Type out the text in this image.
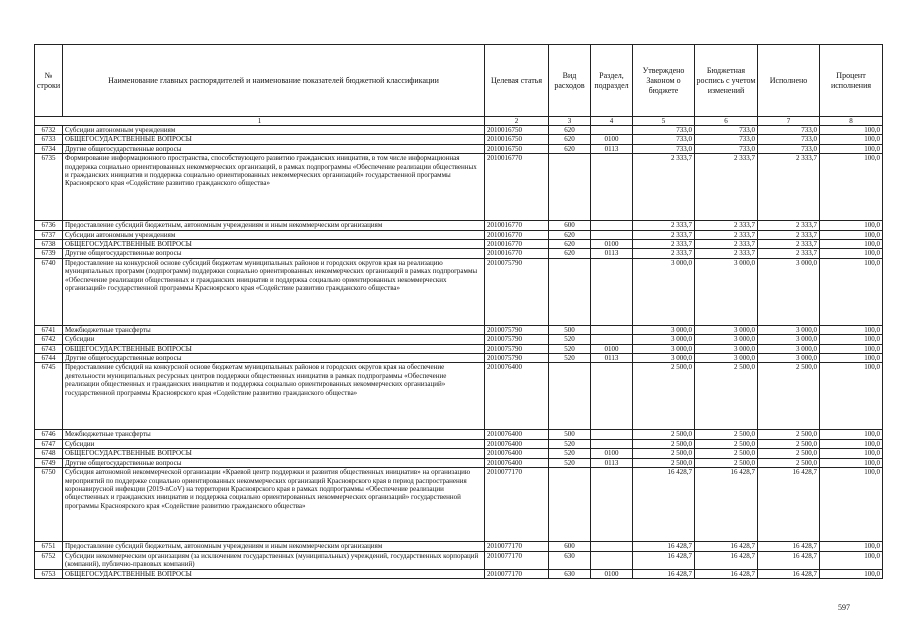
№ строки	Наименование главных распорядителей и наименование показателей бюджетной классификации	Целевая статья	Вид расходов	Раздел, подраздел	Утверждено Законом о бюджете	Бюджетная роспись с учетом изменений	Исполнено	Процент исполнения
1		2	3	4	5	6	7	8
6732	Субсидии автономным учреждениям	2010016750	620		733,0	733,0	733,0	100,0
6733	ОБЩЕГОСУДАРСТВЕННЫЕ ВОПРОСЫ	2010016750	620	0100	733,0	733,0	733,0	100,0
6734	Другие общегосударственные вопросы	2010016750	620	0113	733,0	733,0	733,0	100,0
6735	Формирование информационного пространства, способствующего развитию гражданских инициатив, в том числе информационная поддержка социально ориентированных некоммерческих организаций, в рамках подпрограммы «Обеспечение реализации общественных и гражданских инициатив и поддержка социально ориентированных некоммерческих организаций» государственной программы Красноярского края «Содействие развитию гражданского общества»	2010016770			2 333,7	2 333,7	2 333,7	100,0
6736	Предоставление субсидий бюджетным, автономным учреждениям и иным некоммерческим организациям	2010016770	600		2 333,7	2 333,7	2 333,7	100,0
6737	Субсидии автономным учреждениям	2010016770	620		2 333,7	2 333,7	2 333,7	100,0
6738	ОБЩЕГОСУДАРСТВЕННЫЕ ВОПРОСЫ	2010016770	620	0100	2 333,7	2 333,7	2 333,7	100,0
6739	Другие общегосударственные вопросы	2010016770	620	0113	2 333,7	2 333,7	2 333,7	100,0
6740	Предоставление на конкурсной основе субсидий бюджетам муниципальных районов и городских округов края на реализацию муниципальных программ (подпрограмм) поддержки социально ориентированных некоммерческих организаций в рамках подпрограммы «Обеспечение реализации общественных и гражданских инициатив и поддержка социально ориентированных некоммерческих организаций» государственной программы Красноярского края «Содействие развитию гражданского общества»	2010075790			3 000,0	3 000,0	3 000,0	100,0
6741	Межбюджетные трансферты	2010075790	500		3 000,0	3 000,0	3 000,0	100,0
6742	Субсидии	2010075790	520		3 000,0	3 000,0	3 000,0	100,0
6743	ОБЩЕГОСУДАРСТВЕННЫЕ ВОПРОСЫ	2010075790	520	0100	3 000,0	3 000,0	3 000,0	100,0
6744	Другие общегосударственные вопросы	2010075790	520	0113	3 000,0	3 000,0	3 000,0	100,0
6745	Предоставление субсидий на конкурсной основе бюджетам муниципальных районов и городских округов края на обеспечение деятельности муниципальных ресурсных центров поддержки общественных инициатив в рамках подпрограммы «Обеспечение реализации общественных и гражданских инициатив и поддержка социально ориентированных некоммерческих организаций» государственной программы Красноярского края «Содействие развитию гражданского общества»	2010076400			2 500,0	2 500,0	2 500,0	100,0
6746	Межбюджетные трансферты	2010076400	500		2 500,0	2 500,0	2 500,0	100,0
6747	Субсидии	2010076400	520		2 500,0	2 500,0	2 500,0	100,0
6748	ОБЩЕГОСУДАРСТВЕННЫЕ ВОПРОСЫ	2010076400	520	0100	2 500,0	2 500,0	2 500,0	100,0
6749	Другие общегосударственные вопросы	2010076400	520	0113	2 500,0	2 500,0	2 500,0	100,0
6750	Субсидия автономной некоммерческой организации «Краевой центр поддержки и развития общественных инициатив» на организацию мероприятий по поддержке социально ориентированных некоммерческих организаций Красноярского края в период распространения коронавирусной инфекции (2019-nCoV) на территории Красноярского края в рамках подпрограммы «Обеспечение реализации общественных и гражданских инициатив и поддержка социально ориентированных некоммерческих организаций» государственной программы Красноярского края «Содействие развитию гражданского общества»	2010077170			16 428,7	16 428,7	16 428,7	100,0
6751	Предоставление субсидий бюджетным, автономным учреждениям и иным некоммерческим организациям	2010077170	600		16 428,7	16 428,7	16 428,7	100,0
6752	Субсидии некоммерческим организациям (за исключением государственных (муниципальных) учреждений, государственных корпораций (компаний), публично-правовых компаний)	2010077170	630		16 428,7	16 428,7	16 428,7	100,0
6753	ОБЩЕГОСУДАРСТВЕННЫЕ ВОПРОСЫ	2010077170	630	0100	16 428,7	16 428,7	16 428,7	100,0
597
